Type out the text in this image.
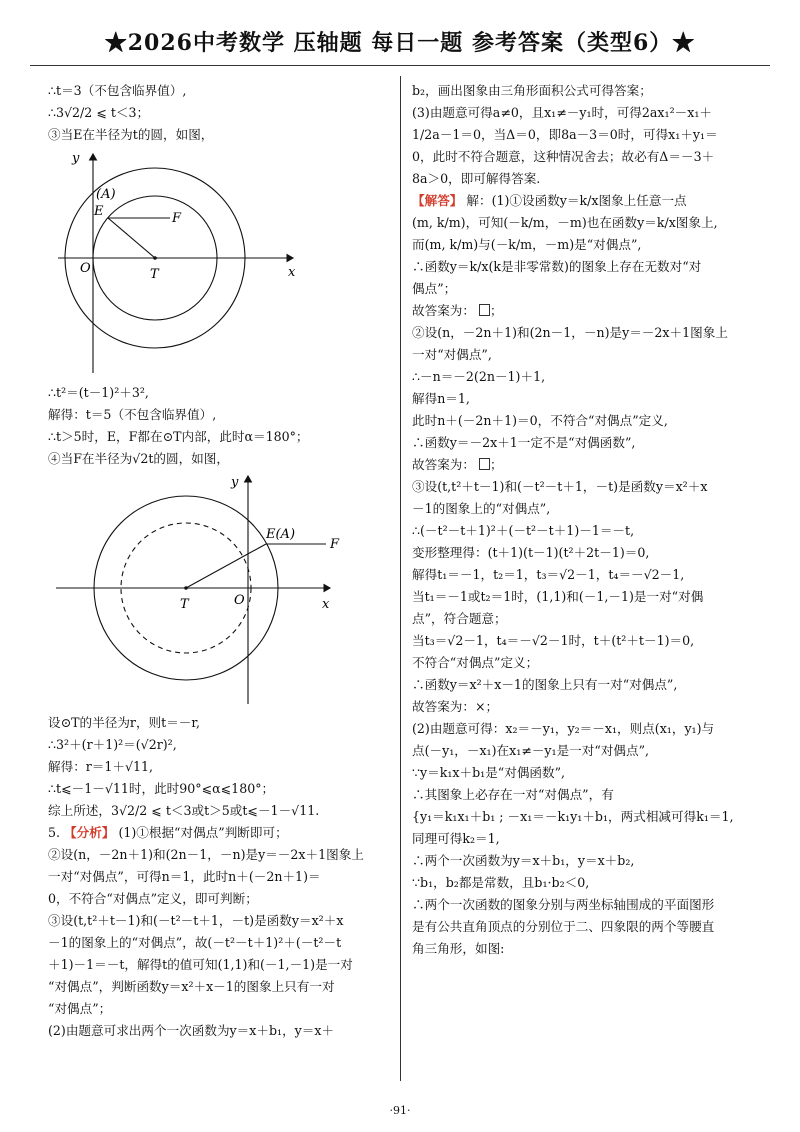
★2026中考数学 压轴题 每日一题 参考答案（类型6）★
∴t＝3（不包含临界值）,
∴3√2/2 ⩽ t＜3；
③当E在半径为t的圆，如图，
y
x
O	T
(A)
E	F
∴t²＝(t－1)²＋3²,
解得：t＝5（不包含临界值）,
∴t＞5时，E，F都在⊙T内部，此时α＝180°；
④当F在半径为√2t的圆，如图，
y
x
O
T
E(A)
F
设⊙T的半径为r，则t＝－r,
∴3²＋(r＋1)²＝(√2r)²,
解得：r＝1＋√11,
∴t⩽－1－√11时，此时90°⩽α⩽180°；
综上所述，3√2/2 ⩽ t＜3或t＞5或t⩽－1－√11.
5. 【分析】 (1)①根据“对偶点”判断即可；
②设(n，－2n＋1)和(2n－1，－n)是y＝－2x＋1图象上
一对“对偶点”，可得n＝1，此时n＋(－2n＋1)＝
0，不符合“对偶点”定义，即可判断；
③设(t,t²＋t－1)和(－t²－t＋1，－t)是函数y＝x²＋x
－1的图象上的“对偶点”，故(－t²－t＋1)²＋(－t²－t
＋1)－1＝－t，解得t的值可知(1,1)和(－1,－1)是一对
“对偶点”，判断函数y＝x²＋x－1的图象上只有一对
“对偶点”；
(2)由题意可求出两个一次函数为y＝x＋b₁，y＝x＋
b₂，画出图象由三角形面积公式可得答案；
(3)由题意可得a≠0，且x₁≠－y₁时，可得2ax₁²－x₁＋
1/2a－1＝0，当Δ＝0，即8a－3＝0时，可得x₁＋y₁＝
0，此时不符合题意，这种情况舍去；故必有Δ＝－3＋
8a＞0，即可解得答案.
【解答】 解：(1)①设函数y＝k/x图象上任意一点
(m, k/m)，可知(－k/m，－m)也在函数y＝k/x图象上,
而(m, k/m)与(－k/m，－m)是“对偶点”,
∴函数y＝k/x(k是非零常数)的图象上存在无数对“对
偶点”；
故答案为： ；
②设(n，－2n＋1)和(2n－1，－n)是y＝－2x＋1图象上
一对“对偶点”,
∴－n＝－2(2n－1)＋1,
解得n＝1,
此时n＋(－2n＋1)＝0，不符合“对偶点”定义,
∴函数y＝－2x＋1一定不是“对偶函数”,
故答案为： ；
③设(t,t²＋t－1)和(－t²－t＋1，－t)是函数y＝x²＋x
－1的图象上的“对偶点”,
∴(－t²－t＋1)²＋(－t²－t＋1)－1＝－t,
变形整理得：(t＋1)(t－1)(t²＋2t－1)＝0,
解得t₁＝－1，t₂＝1，t₃＝√2－1，t₄＝－√2－1,
当t₁＝－1或t₂＝1时，(1,1)和(－1,－1)是一对“对偶
点”，符合题意；
当t₃＝√2－1，t₄＝－√2－1时，t＋(t²＋t－1)＝0,
不符合“对偶点”定义；
∴函数y＝x²＋x－1的图象上只有一对“对偶点”,
故答案为：×；
(2)由题意可得：x₂＝－y₁，y₂＝－x₁，则点(x₁，y₁)与
点(－y₁，－x₁)在x₁≠－y₁是一对“对偶点”,
∵y＝k₁x＋b₁是“对偶函数”,
∴其图象上必存在一对“对偶点”，有
{y₁＝k₁x₁＋b₁ ; －x₁＝－k₁y₁＋b₁，两式相减可得k₁＝1,
同理可得k₂＝1,
∴两个一次函数为y＝x＋b₁，y＝x＋b₂,
∵b₁，b₂都是常数，且b₁·b₂＜0,
∴两个一次函数的图象分别与两坐标轴围成的平面图形
是有公共直角顶点的分别位于二、四象限的两个等腰直
角三角形，如图:
·91·
